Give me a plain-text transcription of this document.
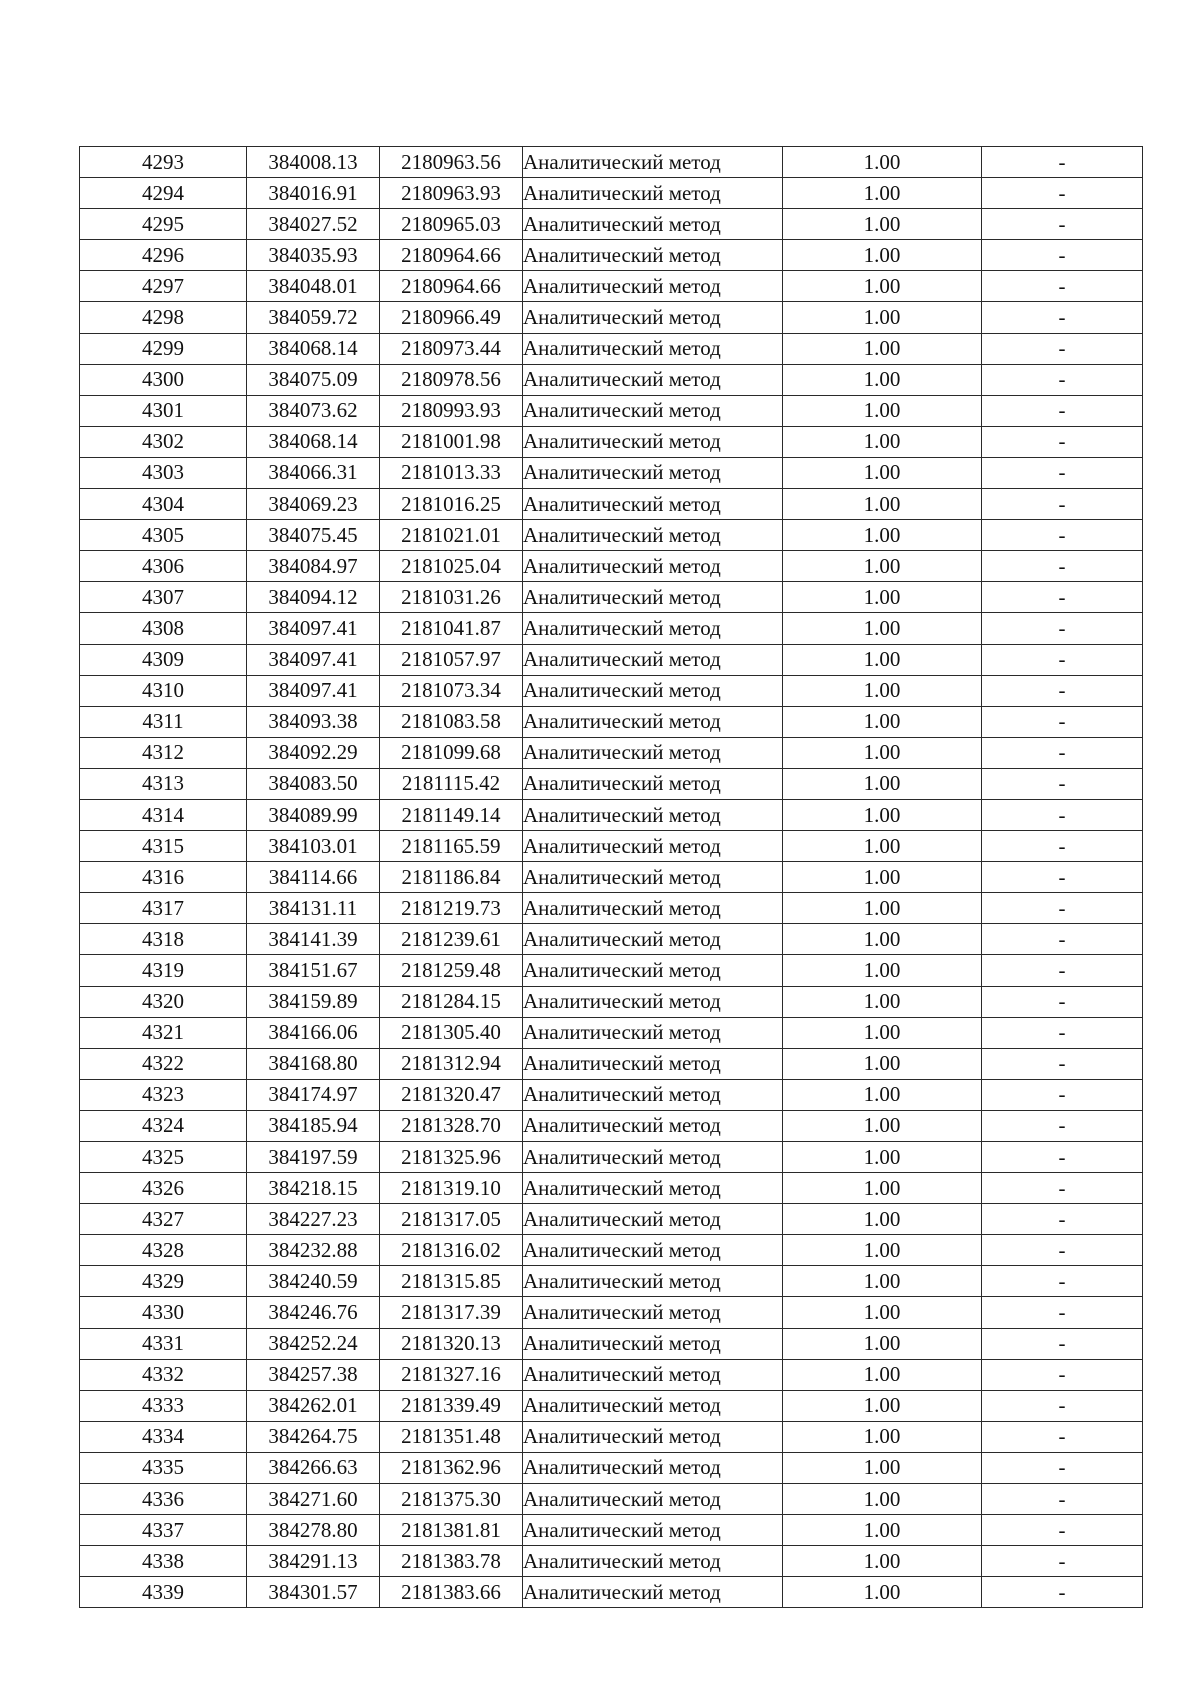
4293	384008.13	2180963.56	Аналитический метод	1.00	-
4294	384016.91	2180963.93	Аналитический метод	1.00	-
4295	384027.52	2180965.03	Аналитический метод	1.00	-
4296	384035.93	2180964.66	Аналитический метод	1.00	-
4297	384048.01	2180964.66	Аналитический метод	1.00	-
4298	384059.72	2180966.49	Аналитический метод	1.00	-
4299	384068.14	2180973.44	Аналитический метод	1.00	-
4300	384075.09	2180978.56	Аналитический метод	1.00	-
4301	384073.62	2180993.93	Аналитический метод	1.00	-
4302	384068.14	2181001.98	Аналитический метод	1.00	-
4303	384066.31	2181013.33	Аналитический метод	1.00	-
4304	384069.23	2181016.25	Аналитический метод	1.00	-
4305	384075.45	2181021.01	Аналитический метод	1.00	-
4306	384084.97	2181025.04	Аналитический метод	1.00	-
4307	384094.12	2181031.26	Аналитический метод	1.00	-
4308	384097.41	2181041.87	Аналитический метод	1.00	-
4309	384097.41	2181057.97	Аналитический метод	1.00	-
4310	384097.41	2181073.34	Аналитический метод	1.00	-
4311	384093.38	2181083.58	Аналитический метод	1.00	-
4312	384092.29	2181099.68	Аналитический метод	1.00	-
4313	384083.50	2181115.42	Аналитический метод	1.00	-
4314	384089.99	2181149.14	Аналитический метод	1.00	-
4315	384103.01	2181165.59	Аналитический метод	1.00	-
4316	384114.66	2181186.84	Аналитический метод	1.00	-
4317	384131.11	2181219.73	Аналитический метод	1.00	-
4318	384141.39	2181239.61	Аналитический метод	1.00	-
4319	384151.67	2181259.48	Аналитический метод	1.00	-
4320	384159.89	2181284.15	Аналитический метод	1.00	-
4321	384166.06	2181305.40	Аналитический метод	1.00	-
4322	384168.80	2181312.94	Аналитический метод	1.00	-
4323	384174.97	2181320.47	Аналитический метод	1.00	-
4324	384185.94	2181328.70	Аналитический метод	1.00	-
4325	384197.59	2181325.96	Аналитический метод	1.00	-
4326	384218.15	2181319.10	Аналитический метод	1.00	-
4327	384227.23	2181317.05	Аналитический метод	1.00	-
4328	384232.88	2181316.02	Аналитический метод	1.00	-
4329	384240.59	2181315.85	Аналитический метод	1.00	-
4330	384246.76	2181317.39	Аналитический метод	1.00	-
4331	384252.24	2181320.13	Аналитический метод	1.00	-
4332	384257.38	2181327.16	Аналитический метод	1.00	-
4333	384262.01	2181339.49	Аналитический метод	1.00	-
4334	384264.75	2181351.48	Аналитический метод	1.00	-
4335	384266.63	2181362.96	Аналитический метод	1.00	-
4336	384271.60	2181375.30	Аналитический метод	1.00	-
4337	384278.80	2181381.81	Аналитический метод	1.00	-
4338	384291.13	2181383.78	Аналитический метод	1.00	-
4339	384301.57	2181383.66	Аналитический метод	1.00	-
